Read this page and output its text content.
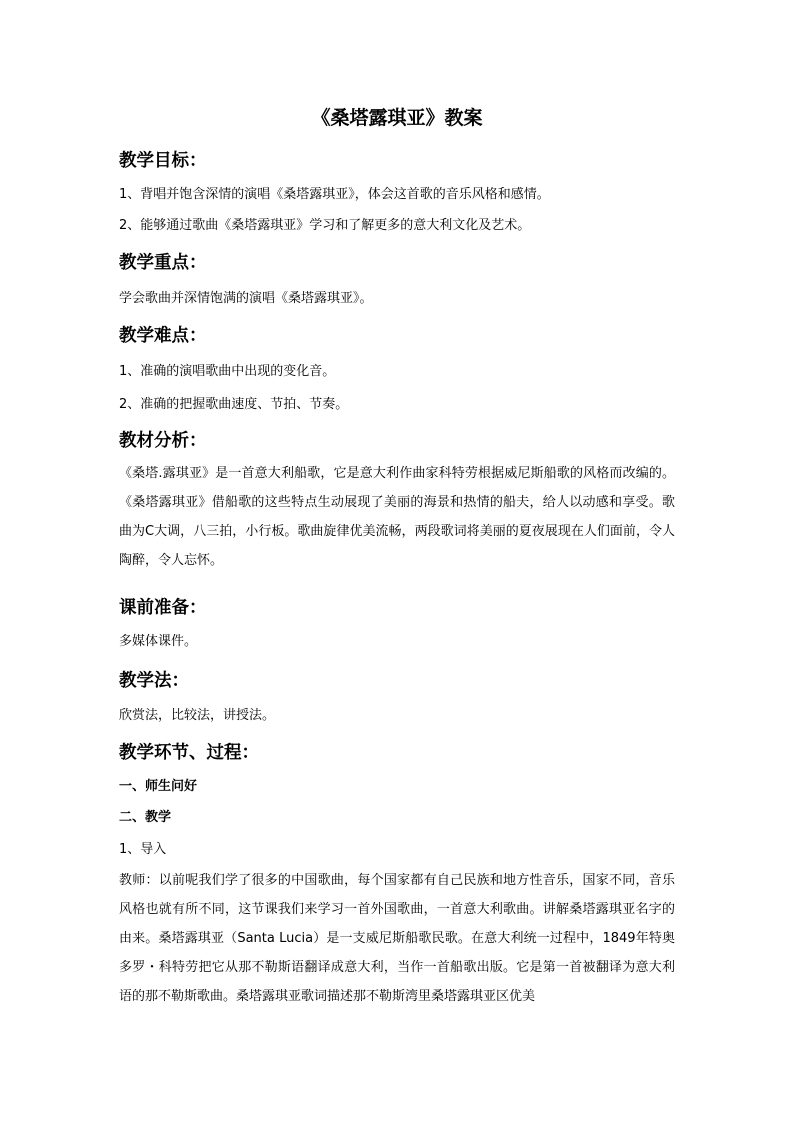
《桑塔露琪亚》教案
教学目标：
1、背唱并饱含深情的演唱《桑塔露琪亚》，体会这首歌的音乐风格和感情。
2、能够通过歌曲《桑塔露琪亚》学习和了解更多的意大利文化及艺术。
教学重点：
学会歌曲并深情饱满的演唱《桑塔露琪亚》。
教学难点：
1、准确的演唱歌曲中出现的变化音。
2、准确的把握歌曲速度、节拍、节奏。
教材分析：
《桑塔.露琪亚》是一首意大利船歌，它是意大利作曲家科特劳根据威尼斯船歌的风格而改编的。《桑塔露琪亚》借船歌的这些特点生动展现了美丽的海景和热情的船夫，给人以动感和享受。歌曲为C大调，八三拍，小行板。歌曲旋律优美流畅，两段歌词将美丽的夏夜展现在人们面前，令人陶醉，令人忘怀。
课前准备：
多媒体课件。
教学法：
欣赏法，比较法，讲授法。
教学环节、过程：
一、师生问好
二、教学
1、导入
教师：以前呢我们学了很多的中国歌曲，每个国家都有自己民族和地方性音乐，国家不同，音乐风格也就有所不同，这节课我们来学习一首外国歌曲，一首意大利歌曲。讲解桑塔露琪亚名字的由来。桑塔露琪亚（Santa Lucia）是一支威尼斯船歌民歌。在意大利统一过程中，1849年特奥多罗・科特劳把它从那不勒斯语翻译成意大利，当作一首船歌出版。它是第一首被翻译为意大利语的那不勒斯歌曲。桑塔露琪亚歌词描述那不勒斯湾里桑塔露琪亚区优美
